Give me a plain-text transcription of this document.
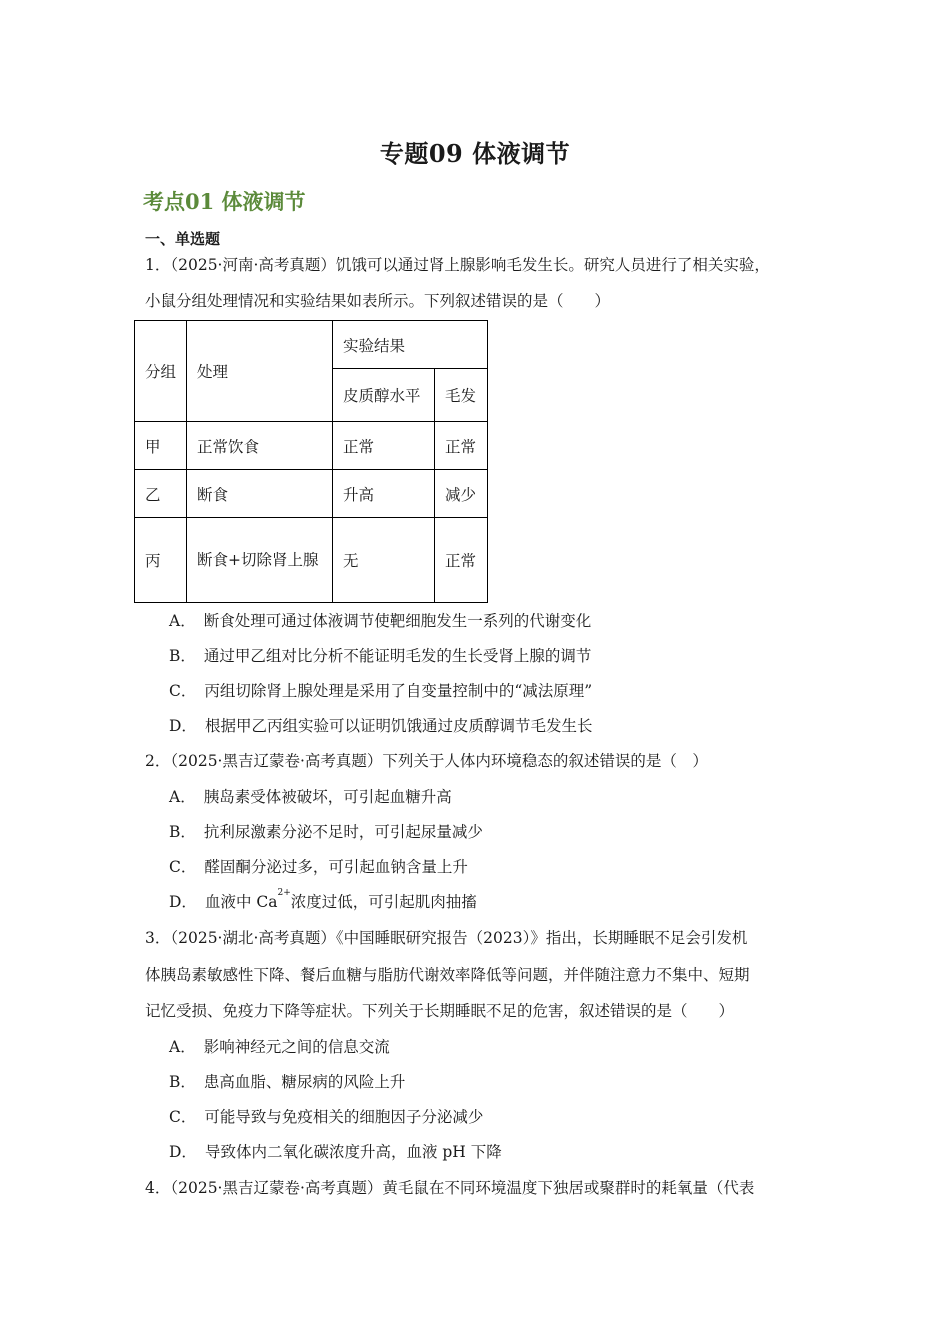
专题09 体液调节
考点01 体液调节
一、单选题
1．（2025·河南·高考真题）饥饿可以通过肾上腺影响毛发生长。研究人员进行了相关实验，
小鼠分组处理情况和实验结果如表所示。下列叙述错误的是（　　）
分组	处理	实验结果	
		皮质醇水平	毛发
甲	正常饮食	正常	正常
乙	断食	升高	减少
丙	断食+切除肾上腺	无	正常
A． 断食处理可通过体液调节使靶细胞发生一系列的代谢变化
B． 通过甲乙组对比分析不能证明毛发的生长受肾上腺的调节
C． 丙组切除肾上腺处理是采用了自变量控制中的“减法原理”
D． 根据甲乙丙组实验可以证明饥饿通过皮质醇调节毛发生长
2．（2025·黑吉辽蒙卷·高考真题）下列关于人体内环境稳态的叙述错误的是（　）
A． 胰岛素受体被破坏，可引起血糖升高
B． 抗利尿激素分泌不足时，可引起尿量减少
C． 醛固酮分泌过多，可引起血钠含量上升
D． 血液中 $Ca^{2+}$浓度过低，可引起肌肉抽搐
3．（2025·湖北·高考真题）《中国睡眠研究报告（2023）》指出，长期睡眠不足会引发机
体胰岛素敏感性下降、餐后血糖与脂肪代谢效率降低等问题，并伴随注意力不集中、短期
记忆受损、免疫力下降等症状。下列关于长期睡眠不足的危害，叙述错误的是（　　）
A． 影响神经元之间的信息交流
B． 患高血脂、糖尿病的风险上升
C． 可能导致与免疫相关的细胞因子分泌减少
D． 导致体内二氧化碳浓度升高，血液 pH 下降
4．（2025·黑吉辽蒙卷·高考真题）黄毛鼠在不同环境温度下独居或聚群时的耗氧量（代表
